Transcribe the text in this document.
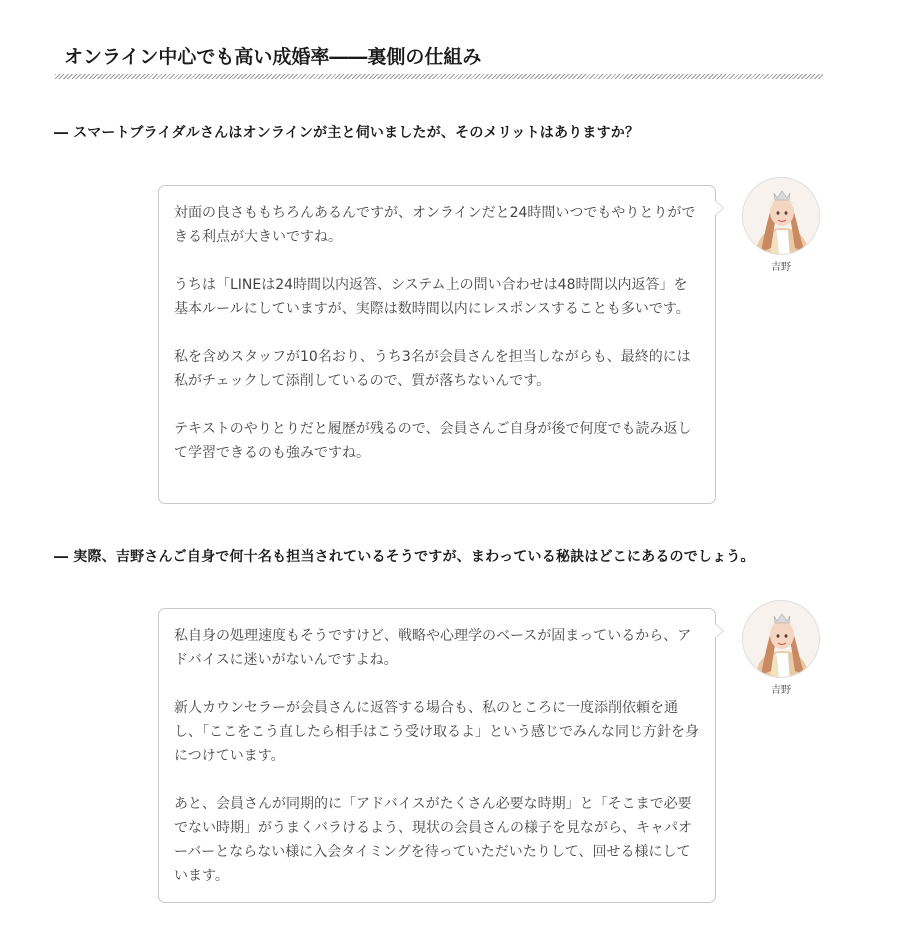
オンライン中心でも高い成婚率――裏側の仕組み

― スマートブライダルさんはオンラインが主と伺いましたが、そのメリットはありますか？

対面の良さももちろんあるんですが、オンラインだと24時間いつでもやりとりができる利点が大きいですね。

うちは「LINEは24時間以内返答、システム上の問い合わせは48時間以内返答」を基本ルールにしていますが、実際は数時間以内にレスポンスすることも多いです。

私を含めスタッフが10名おり、うち3名が会員さんを担当しながらも、最終的には私がチェックして添削しているので、質が落ちないんです。

テキストのやりとりだと履歴が残るので、会員さんご自身が後で何度でも読み返して学習できるのも強みですね。

吉野

― 実際、吉野さんご自身で何十名も担当されているそうですが、まわっている秘訣はどこにあるのでしょう。

私自身の処理速度もそうですけど、戦略や心理学のベースが固まっているから、アドバイスに迷いがないんですよね。

新人カウンセラーが会員さんに返答する場合も、私のところに一度添削依頼を通し、「ここをこう直したら相手はこう受け取るよ」という感じでみんな同じ方針を身につけています。

あと、会員さんが同期的に「アドバイスがたくさん必要な時期」と「そこまで必要でない時期」がうまくバラけるよう、現状の会員さんの様子を見ながら、キャパオーバーとならない様に入会タイミングを待っていただいたりして、回せる様にしています。

吉野
